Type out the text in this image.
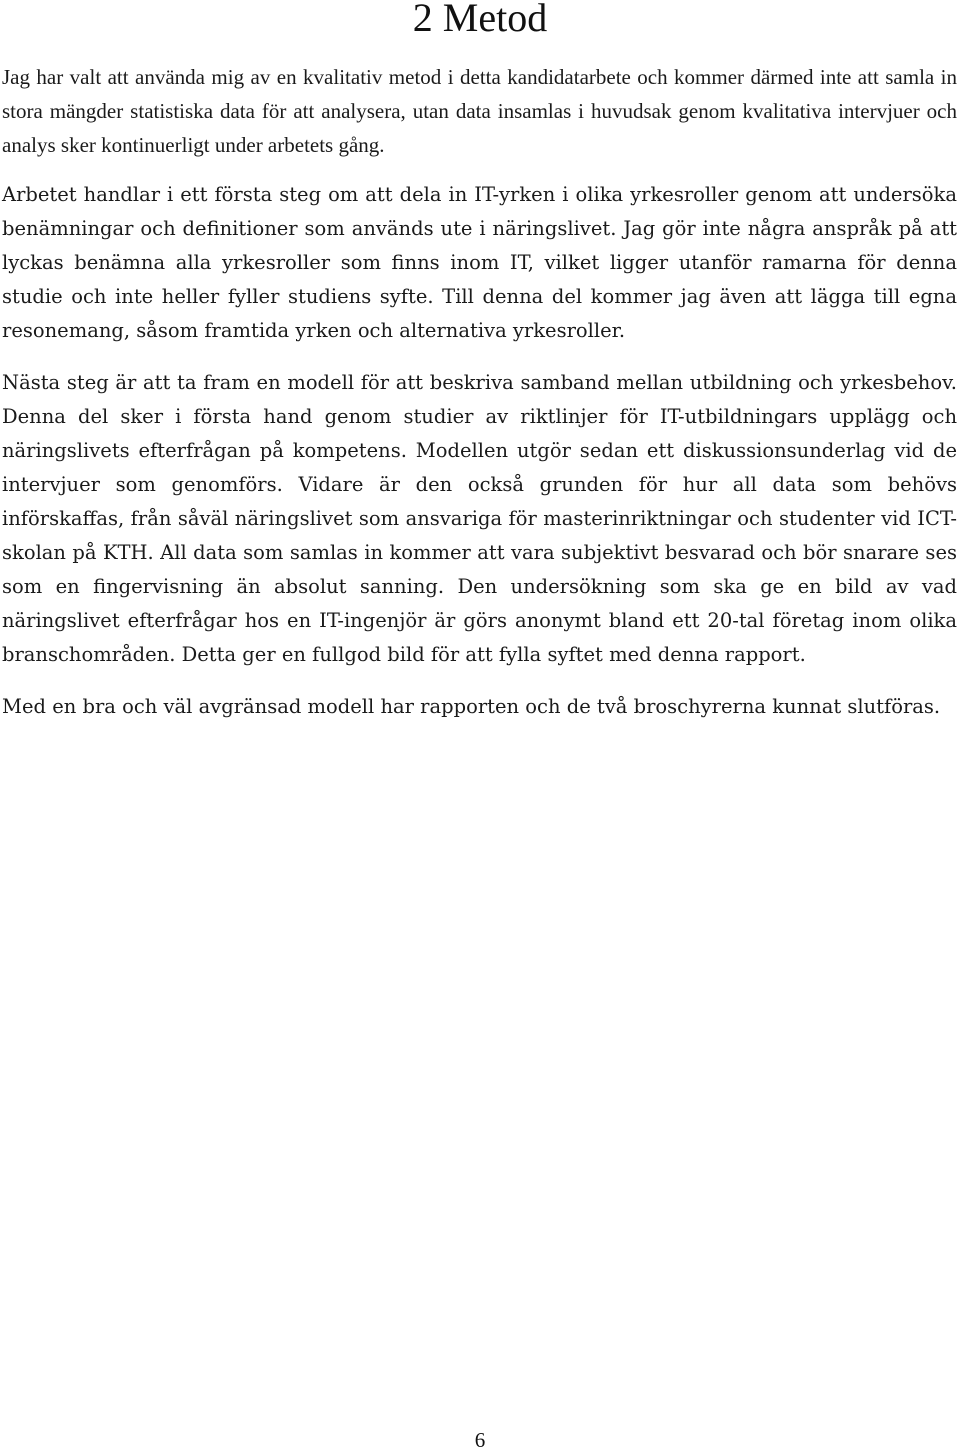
2 Metod

Jag har valt att använda mig av en kvalitativ metod i detta kandidatarbete och kommer därmed inte att samla in stora mängder statistiska data för att analysera, utan data insamlas i huvudsak genom kvalitativa intervjuer och analys sker kontinuerligt under arbetets gång.

Arbetet handlar i ett första steg om att dela in IT-yrken i olika yrkesroller genom att undersöka benämningar och definitioner som används ute i näringslivet. Jag gör inte några anspråk på att lyckas benämna alla yrkesroller som finns inom IT, vilket ligger utanför ramarna för denna studie och inte heller fyller studiens syfte. Till denna del kommer jag även att lägga till egna resonemang, såsom framtida yrken och alternativa yrkesroller.

Nästa steg är att ta fram en modell för att beskriva samband mellan utbildning och yrkesbehov. Denna del sker i första hand genom studier av riktlinjer för IT-utbildningars upplägg och näringslivets efterfrågan på kompetens. Modellen utgör sedan ett diskussionsunderlag vid de intervjuer som genomförs. Vidare är den också grunden för hur all data som behövs införskaffas, från såväl näringslivet som ansvariga för masterinriktningar och studenter vid ICT-skolan på KTH. All data som samlas in kommer att vara subjektivt besvarad och bör snarare ses som en fingervisning än absolut sanning. Den undersökning som ska ge en bild av vad näringslivet efterfrågar hos en IT-ingenjör är görs anonymt bland ett 20-tal företag inom olika branschområden. Detta ger en fullgod bild för att fylla syftet med denna rapport.

Med en bra och väl avgränsad modell har rapporten och de två broschyrerna kunnat slutföras.

6
